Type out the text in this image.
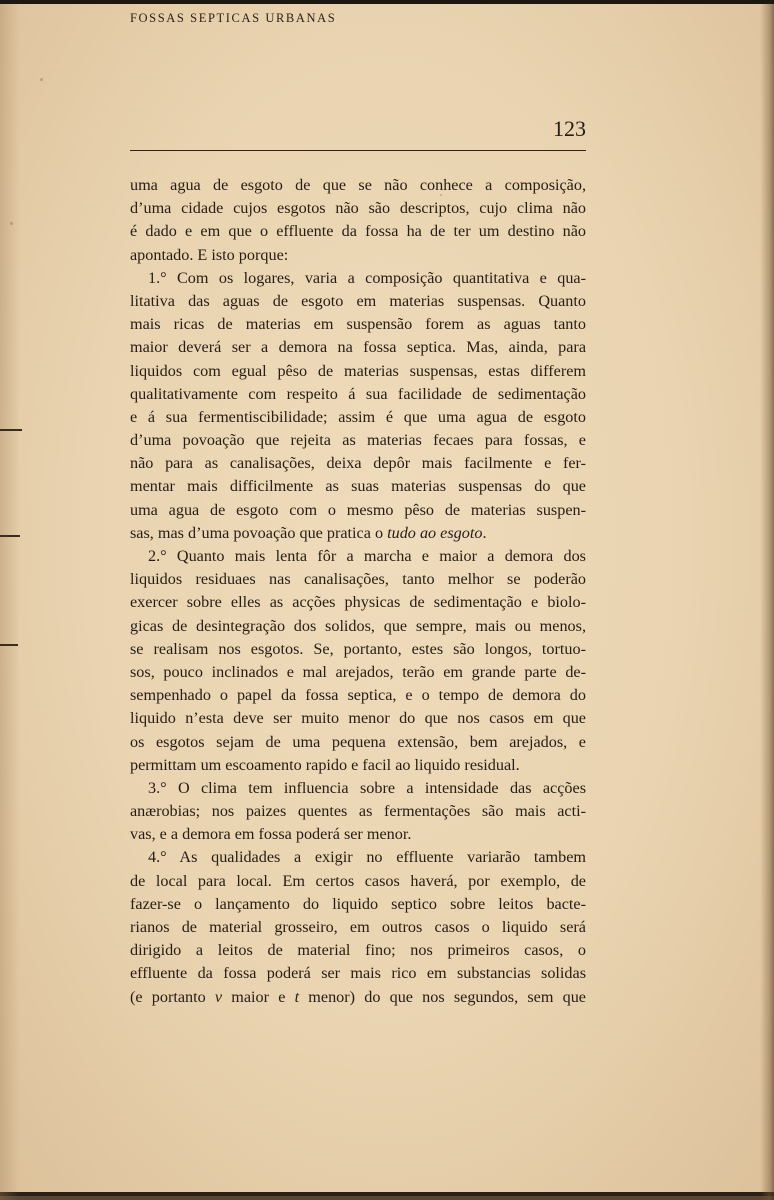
FOSSAS SEPTICAS URBANAS
123
uma agua de esgoto de que se não conhece a composição,
d’uma cidade cujos esgotos não são descriptos, cujo clima não
é dado e em que o effluente da fossa ha de ter um destino não
apontado. E isto porque:
1.° Com os logares, varia a composição quantitativa e qua-
litativa das aguas de esgoto em materias suspensas. Quanto
mais ricas de materias em suspensão forem as aguas tanto
maior deverá ser a demora na fossa septica. Mas, ainda, para
liquidos com egual pêso de materias suspensas, estas differem
qualitativamente com respeito á sua facilidade de sedimentação
e á sua fermentiscibilidade; assim é que uma agua de esgoto
d’uma povoação que rejeita as materias fecaes para fossas, e
não para as canalisações, deixa depôr mais facilmente e fer-
mentar mais difficilmente as suas materias suspensas do que
uma agua de esgoto com o mesmo pêso de materias suspen-
sas, mas d’uma povoação que pratica o tudo ao esgoto.
2.° Quanto mais lenta fôr a marcha e maior a demora dos
liquidos residuaes nas canalisações, tanto melhor se poderão
exercer sobre elles as acções physicas de sedimentação e biolo-
gicas de desintegração dos solidos, que sempre, mais ou menos,
se realisam nos esgotos. Se, portanto, estes são longos, tortuo-
sos, pouco inclinados e mal arejados, terão em grande parte de-
sempenhado o papel da fossa septica, e o tempo de demora do
liquido n’esta deve ser muito menor do que nos casos em que
os esgotos sejam de uma pequena extensão, bem arejados, e
permittam um escoamento rapido e facil ao liquido residual.
3.° O clima tem influencia sobre a intensidade das acções
anærobias; nos paizes quentes as fermentações são mais acti-
vas, e a demora em fossa poderá ser menor.
4.° As qualidades a exigir no effluente variarão tambem
de local para local. Em certos casos haverá, por exemplo, de
fazer-se o lançamento do liquido septico sobre leitos bacte-
rianos de material grosseiro, em outros casos o liquido será
dirigido a leitos de material fino; nos primeiros casos, o
effluente da fossa poderá ser mais rico em substancias solidas
(e portanto v maior e t menor) do que nos segundos, sem que
